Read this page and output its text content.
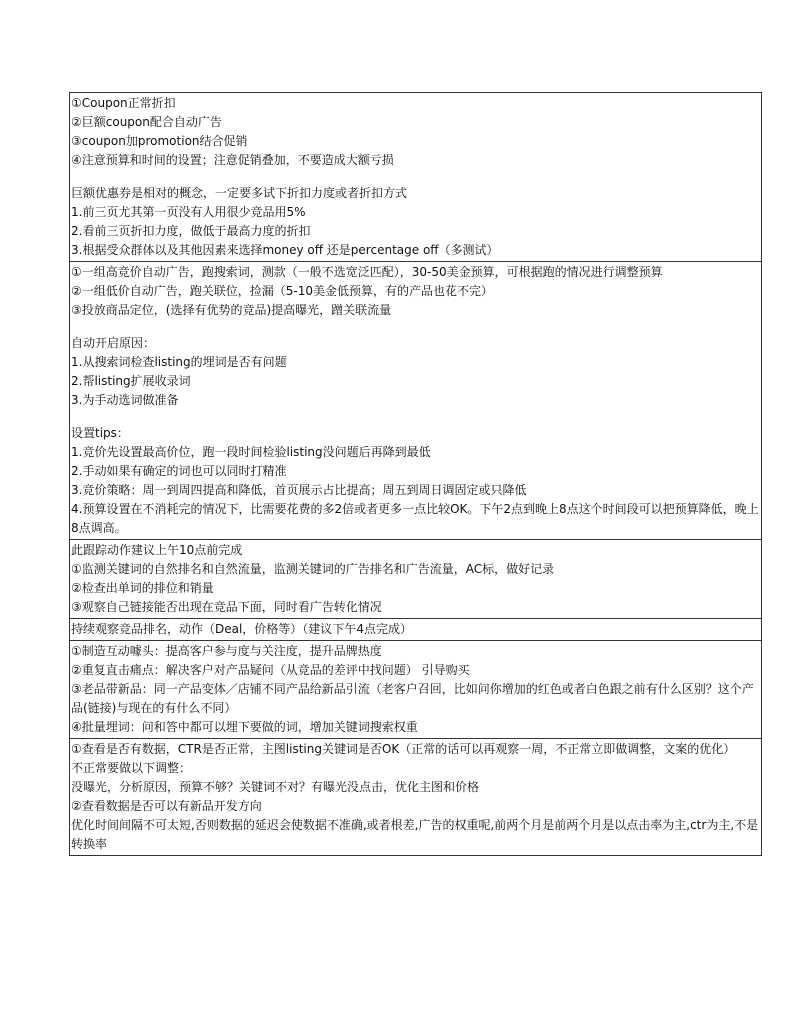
①Coupon正常折扣
②巨额coupon配合自动广告
③coupon加promotion结合促销
④注意预算和时间的设置；注意促销叠加，不要造成大额亏损
巨额优惠券是相对的概念，一定要多试下折扣力度或者折扣方式
1.前三页尤其第一页没有人用很少竞品用5%
2.看前三页折扣力度，做低于最高力度的折扣
3.根据受众群体以及其他因素来选择money off 还是percentage off（多测试）

①一组高竞价自动广告，跑搜索词，测款（一般不选宽泛匹配），30-50美金预算，可根据跑的情况进行调整预算
②一组低价自动广告，跑关联位，捡漏（5-10美金低预算，有的产品也花不完）
③投放商品定位，(选择有优势的竞品)提高曝光，蹭关联流量
自动开启原因：
1.从搜索词检查listing的埋词是否有问题
2.帮listing扩展收录词
3.为手动选词做准备
设置tips：
1.竞价先设置最高价位，跑一段时间检验listing没问题后再降到最低
2.手动如果有确定的词也可以同时打精准
3.竞价策略：周一到周四提高和降低，首页展示占比提高；周五到周日调固定或只降低
4.预算设置在不消耗完的情况下，比需要花费的多2倍或者更多一点比较OK。下午2点到晚上8点这个时间段可以把预算降低，晚上8点调高。

此跟踪动作建议上午10点前完成
①监测关键词的自然排名和自然流量，监测关键词的广告排名和广告流量，AC标，做好记录
②检查出单词的排位和销量
③观察自己链接能否出现在竞品下面，同时看广告转化情况

持续观察竞品排名，动作（Deal，价格等）（建议下午4点完成）

①制造互动噱头：提高客户参与度与关注度，提升品牌热度
②重复直击痛点：解决客户对产品疑问（从竞品的差评中找问题） 引导购买
③老品带新品：同一产品变体／店铺不同产品给新品引流（老客户召回，比如问你增加的红色或者白色跟之前有什么区别？这个产品(链接)与现在的有什么不同）
④批量埋词：问和答中都可以埋下要做的词，增加关键词搜索权重

①查看是否有数据，CTR是否正常，主图listing关键词是否OK（正常的话可以再观察一周，不正常立即做调整，文案的优化）
不正常要做以下调整：
没曝光，分析原因，预算不够？关键词不对？有曝光没点击，优化主图和价格
②查看数据是否可以有新品开发方向
优化时间间隔不可太短,否则数据的延迟会使数据不准确,或者根差,广告的权重呢,前两个月是前两个月是以点击率为主,ctr为主,不是转换率
